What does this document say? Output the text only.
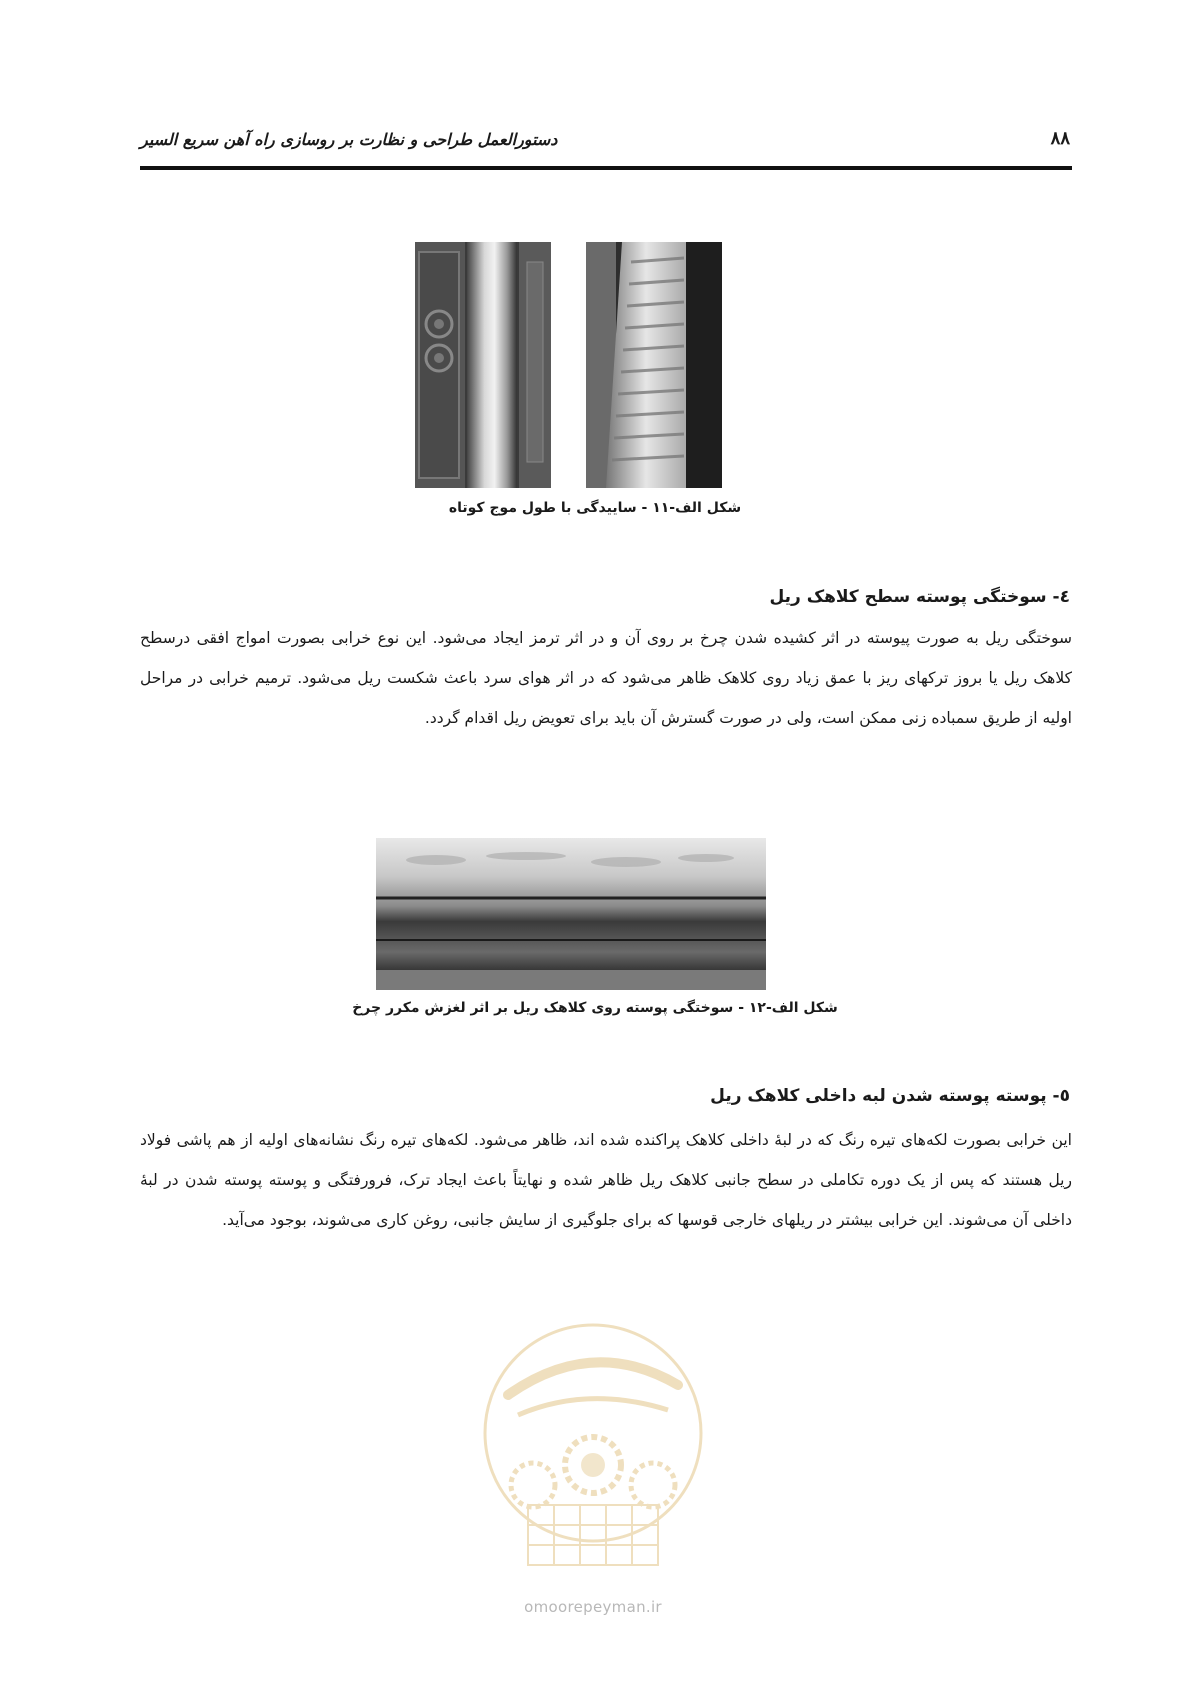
دستورالعمل طراحی و نظارت بر روسازی راه آهن سریع السیر	۸۸
شکل الف-۱۱ - ساییدگی با طول موج کوتاه
٤- سوختگی پوسته سطح کلاهک ریل

سوختگی ریل به صورت پیوسته در اثر کشیده شدن چرخ بر روی آن و در اثر ترمز ایجاد می‌شود. این نوع خرابی بصورت امواج افقی درسطح کلاهک ریل یا بروز ترکهای ریز با عمق زیاد روی کلاهک ظاهر می‌شود که در اثر هوای سرد باعث شکست ریل می‌شود. ترمیم خرابی در مراحل اولیه از طریق سمباده زنی ممکن است، ولی در صورت گسترش آن باید برای تعویض ریل اقدام گردد.

شکل الف-۱۲ - سوختگی پوسته روی کلاهک ریل بر اثر لغزش مکرر چرخ
٥- پوسته پوسته شدن لبه داخلی کلاهک ریل

این خرابی بصورت لکه‌های تیره رنگ که در لبهٔ داخلی کلاهک پراکنده شده اند، ظاهر می‌شود. لکه‌های تیره رنگ نشانه‌های اولیه از هم پاشی فولاد ریل هستند که پس از یک دوره تکاملی در سطح جانبی کلاهک ریل ظاهر شده و نهایتاً باعث ایجاد ترک، فرورفتگی و پوسته پوسته شدن در لبهٔ داخلی آن می‌شوند. این خرابی بیشتر در ریلهای خارجی قوسها که برای جلوگیری از سایش جانبی، روغن کاری می‌شوند، بوجود می‌آید.

omoorepeyman.ir
